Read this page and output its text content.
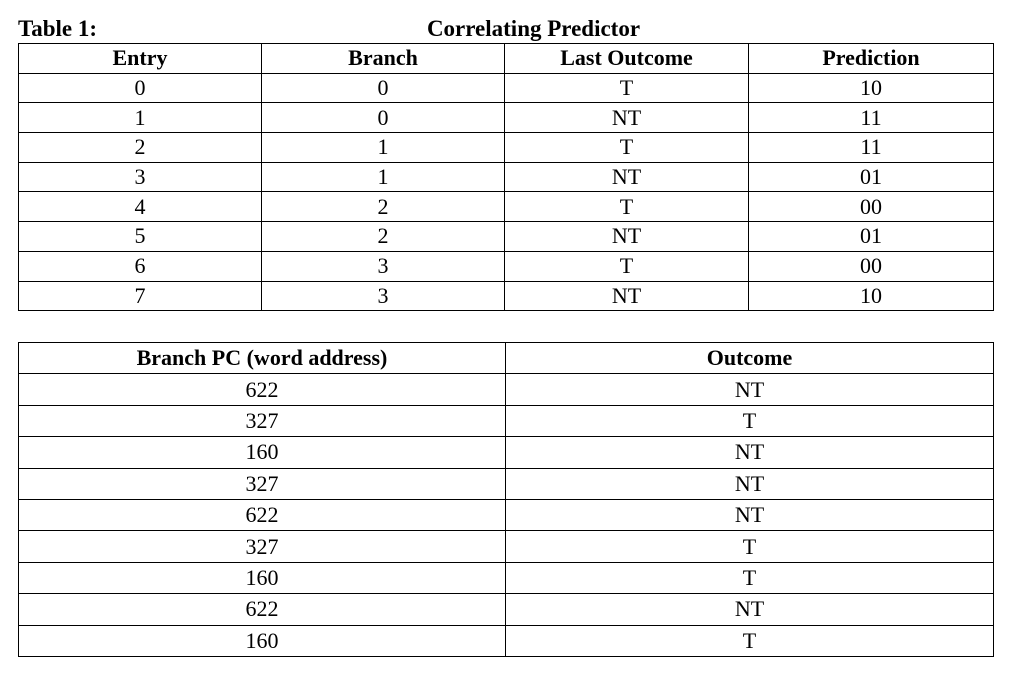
Table 1:	Correlating Predictor
Entry	Branch	Last Outcome	Prediction
0	0	T	10
1	0	NT	11
2	1	T	11
3	1	NT	01
4	2	T	00
5	2	NT	01
6	3	T	00
7	3	NT	10
Branch PC (word address)	Outcome
622	NT
327	T
160	NT
327	NT
622	NT
327	T
160	T
622	NT
160	T
